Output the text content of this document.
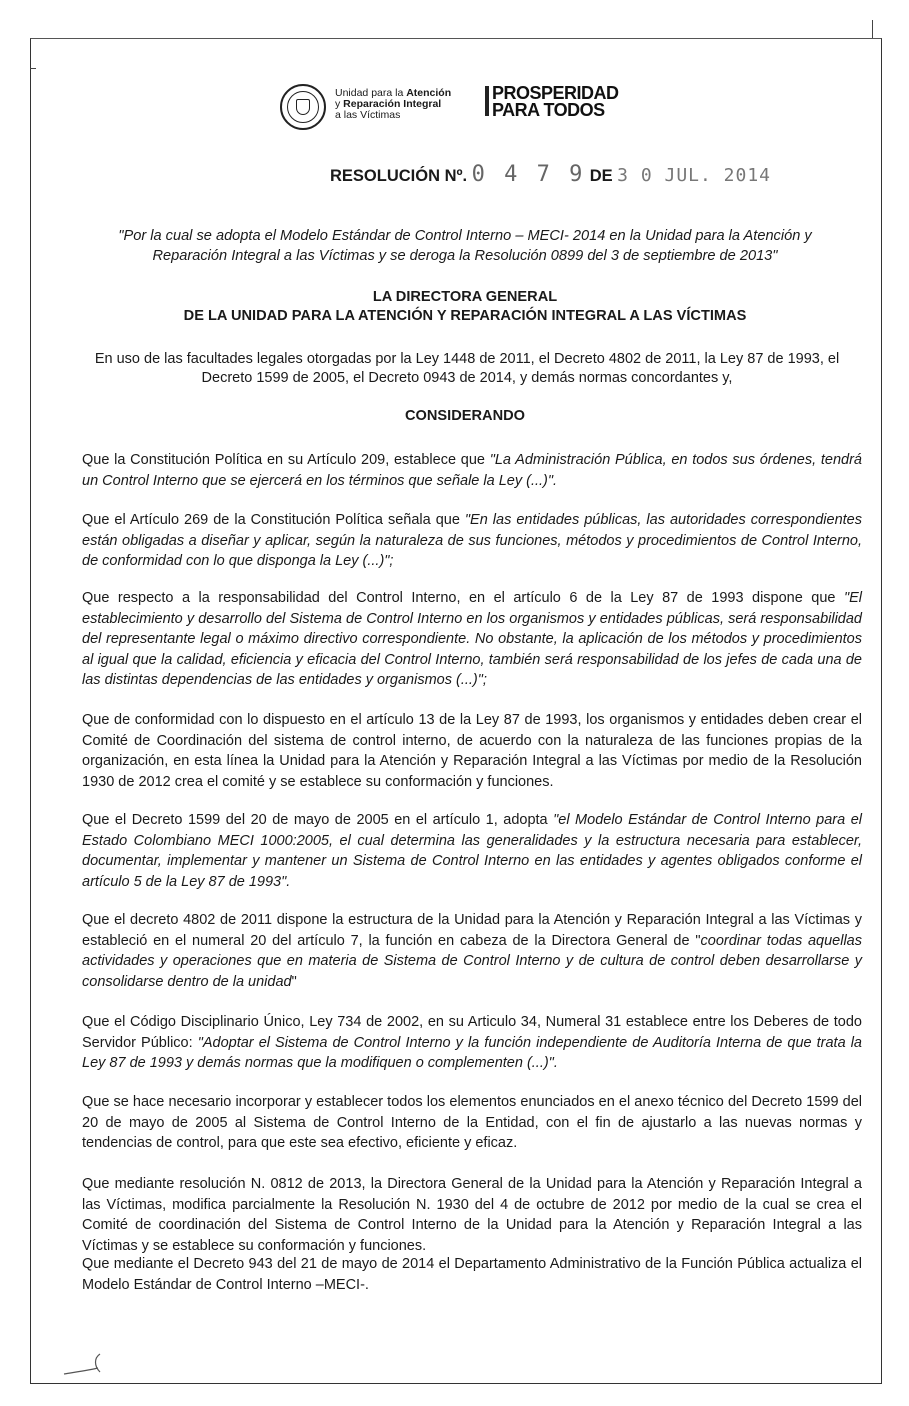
Unidad para la Atención
y Reparación Integral
a las Víctimas
PROSPERIDAD
PARA TODOS
RESOLUCIÓN Nº. 0 4 7 9 DE 3 0 JUL. 2014
"Por la cual se adopta el Modelo Estándar de Control Interno – MECI- 2014 en la Unidad para la Atención y Reparación Integral a las Víctimas y se deroga la Resolución 0899 del 3 de septiembre de 2013"
LA DIRECTORA GENERAL
DE LA UNIDAD PARA LA ATENCIÓN Y REPARACIÓN INTEGRAL A LAS VÍCTIMAS
En uso de las facultades legales otorgadas por la Ley 1448 de 2011, el Decreto 4802 de 2011, la Ley 87 de 1993, el Decreto 1599 de 2005, el Decreto 0943 de 2014, y demás normas concordantes y,
CONSIDERANDO
Que la Constitución Política en su Artículo 209, establece que "La Administración Pública, en todos sus órdenes, tendrá un Control Interno que se ejercerá en los términos que señale la Ley (...)".
Que el Artículo 269 de la Constitución Política señala que "En las entidades públicas, las autoridades correspondientes están obligadas a diseñar y aplicar, según la naturaleza de sus funciones, métodos y procedimientos de Control Interno, de conformidad con lo que disponga la Ley (...)";
Que respecto a la responsabilidad del Control Interno, en el artículo 6 de la Ley 87 de 1993 dispone que "El establecimiento y desarrollo del Sistema de Control Interno en los organismos y entidades públicas, será responsabilidad del representante legal o máximo directivo correspondiente. No obstante, la aplicación de los métodos y procedimientos al igual que la calidad, eficiencia y eficacia del Control Interno, también será responsabilidad de los jefes de cada una de las distintas dependencias de las entidades y organismos (...)";
Que de conformidad con lo dispuesto en el artículo 13 de la Ley 87 de 1993, los organismos y entidades deben crear el Comité de Coordinación del sistema de control interno, de acuerdo con la naturaleza de las funciones propias de la organización, en esta línea la Unidad para la Atención y Reparación Integral a las Víctimas por medio de la Resolución 1930 de 2012 crea el comité y se establece su conformación y funciones.
Que el Decreto 1599 del 20 de mayo de 2005 en el artículo 1, adopta "el Modelo Estándar de Control Interno para el Estado Colombiano MECI 1000:2005, el cual determina las generalidades y la estructura necesaria para establecer, documentar, implementar y mantener un Sistema de Control Interno en las entidades y agentes obligados conforme el artículo 5 de la Ley 87 de 1993".
Que el decreto 4802 de 2011 dispone la estructura de la Unidad para la Atención y Reparación Integral a las Víctimas y estableció en el numeral 20 del artículo 7, la función en cabeza de la Directora General de "coordinar todas aquellas actividades y operaciones que en materia de Sistema de Control Interno y de cultura de control deben desarrollarse y consolidarse dentro de la unidad"
Que el Código Disciplinario Único, Ley 734 de 2002, en su Articulo 34, Numeral 31 establece entre los Deberes de todo Servidor Público: "Adoptar el Sistema de Control Interno y la función independiente de Auditoría Interna de que trata la Ley 87 de 1993 y demás normas que la modifiquen o complementen (...)".
Que se hace necesario incorporar y establecer todos los elementos enunciados en el anexo técnico del Decreto 1599 del 20 de mayo de 2005 al Sistema de Control Interno de la Entidad, con el fin de ajustarlo a las nuevas normas y tendencias de control, para que este sea efectivo, eficiente y eficaz.
Que mediante resolución N. 0812 de 2013, la Directora General de la Unidad para la Atención y Reparación Integral a las Víctimas, modifica parcialmente la Resolución N. 1930 del 4 de octubre de 2012 por medio de la cual se crea el Comité de coordinación del Sistema de Control Interno de la Unidad para la Atención y Reparación Integral a las Víctimas y se establece su conformación y funciones.
Que mediante el Decreto 943 del 21 de mayo de 2014 el Departamento Administrativo de la Función Pública actualiza el Modelo Estándar de Control Interno –MECI-.
